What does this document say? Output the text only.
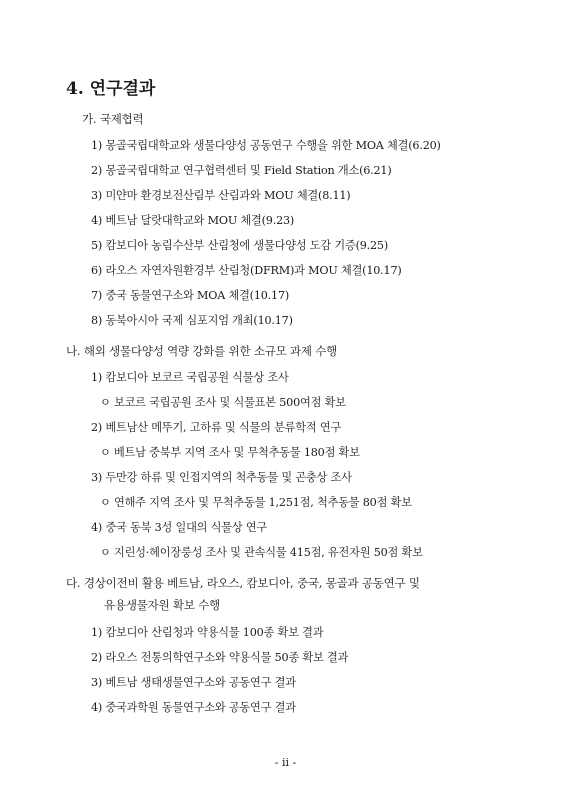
4. 연구결과
가. 국제협력
1) 몽골국립대학교와 생물다양성 공동연구 수행을 위한 MOA 체결(6.20)
2) 몽골국립대학교 연구협력센터 및 Field Station 개소(6.21)
3) 미얀마 환경보전산림부 산림과와 MOU 체결(8.11)
4) 베트남 달랏대학교와 MOU 체결(9.23)
5) 캄보디아 농림수산부 산림청에 생물다양성 도감 기증(9.25)
6) 라오스 자연자원환경부 산림청(DFRM)과 MOU 체결(10.17)
7) 중국 동물연구소와 MOA 체결(10.17)
8) 동북아시아 국제 심포지엄 개최(10.17)
나. 해외 생물다양성 역량 강화를 위한 소규모 과제 수행
1) 캄보디아 보코르 국립공원 식물상 조사
ㅇ 보코르 국립공원 조사 및 식물표본 500여점 확보
2) 베트남산 메뚜기, 고하류 및 식물의 분류학적 연구
ㅇ 베트남 중북부 지역 조사 및 무척추동물 180점 확보
3) 두만강 하류 및 인접지역의 척추동물 및 곤충상 조사
ㅇ 연해주 지역 조사 및 무척추동물 1,251점, 척추동물 80점 확보
4) 중국 동북 3성 일대의 식물상 연구
ㅇ 지린성·헤이장룽성 조사 및 관속식물 415점, 유전자원 50점 확보
다. 경상이전비 활용 베트남, 라오스, 캄보디아, 중국, 몽골과 공동연구 및
유용생물자원 확보 수행
1) 캄보디아 산림청과 약용식물 100종 확보 결과
2) 라오스 전통의학연구소와 약용식물 50종 확보 결과
3) 베트남 생태생물연구소와 공동연구 결과
4) 중국과학원 동물연구소와 공동연구 결과
- ii -
